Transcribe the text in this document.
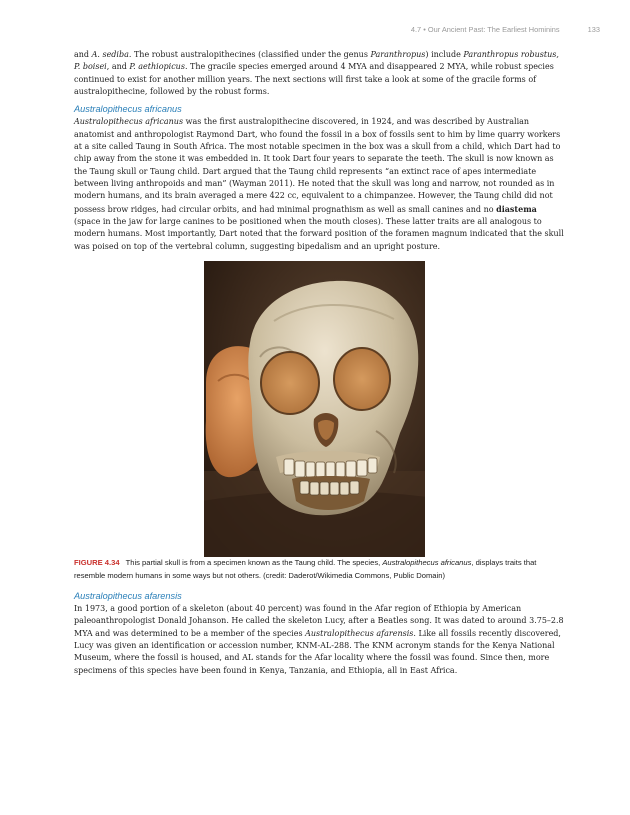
4.7 • Our Ancient Past: The Earliest Hominins	133

and A. sediba. The robust australopithecines (classified under the genus Paranthropus) include Paranthropus robustus, P. boisei, and P. aethiopicus. The gracile species emerged around 4 MYA and disappeared 2 MYA, while robust species continued to exist for another million years. The next sections will first take a look at some of the gracile forms of australopithecine, followed by the robust forms.

Australopithecus africanus

Australopithecus africanus was the first australopithecine discovered, in 1924, and was described by Australian anatomist and anthropologist Raymond Dart, who found the fossil in a box of fossils sent to him by lime quarry workers at a site called Taung in South Africa. The most notable specimen in the box was a skull from a child, which Dart had to chip away from the stone it was embedded in. It took Dart four years to separate the teeth. The skull is now known as the Taung skull or Taung child. Dart argued that the Taung child represents “an extinct race of apes intermediate between living anthropoids and man” (Wayman 2011). He noted that the skull was long and narrow, not rounded as in modern humans, and its brain averaged a mere 422 cc, equivalent to a chimpanzee. However, the Taung child did not possess brow ridges, had circular orbits, and had minimal prognathism as well as small canines and no diastema (space in the jaw for large canines to be positioned when the mouth closes). These latter traits are all analogous to modern humans. Most importantly, Dart noted that the forward position of the foramen magnum indicated that the skull was poised on top of the vertebral column, suggesting bipedalism and an upright posture.

FIGURE 4.34 This partial skull is from a specimen known as the Taung child. The species, Australopithecus africanus, displays traits that resemble modern humans in some ways but not others. (credit: Daderot/Wikimedia Commons, Public Domain)

Australopithecus afarensis

In 1973, a good portion of a skeleton (about 40 percent) was found in the Afar region of Ethiopia by American paleoanthropologist Donald Johanson. He called the skeleton Lucy, after a Beatles song. It was dated to around 3.75–2.8 MYA and was determined to be a member of the species Australopithecus afarensis. Like all fossils recently discovered, Lucy was given an identification or accession number, KNM-AL-288. The KNM acronym stands for the Kenya National Museum, where the fossil is housed, and AL stands for the Afar locality where the fossil was found. Since then, more specimens of this species have been found in Kenya, Tanzania, and Ethiopia, all in East Africa.
